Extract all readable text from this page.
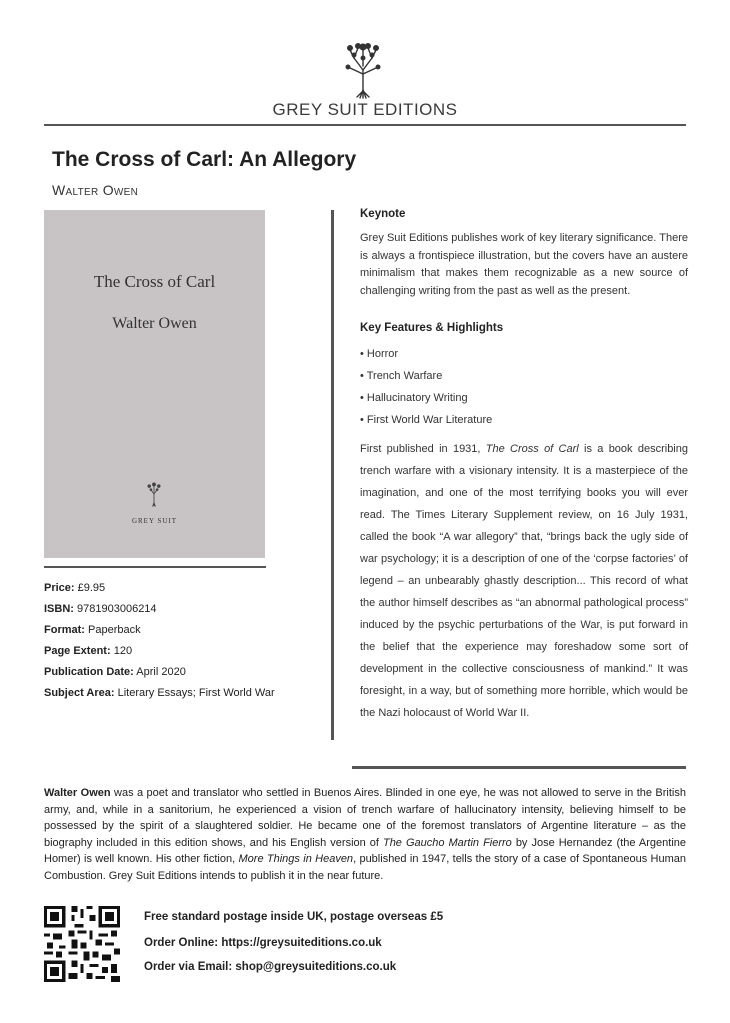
GREY SUIT EDITIONS
The Cross of Carl: An Allegory
Walter Owen
The Cross of Carl
Walter Owen
GREY SUIT
Price: £9.95
ISBN: 9781903006214
Format: Paperback
Page Extent: 120
Publication Date: April 2020
Subject Area: Literary Essays; First World War
Keynote
Grey Suit Editions publishes work of key literary significance. There is always a frontispiece illustration, but the covers have an austere minimalism that makes them recognizable as a new source of challenging writing from the past as well as the present.
Key Features & Highlights
• Horror
• Trench Warfare
• Hallucinatory Writing
• First World War Literature
First published in 1931, The Cross of Carl is a book describing trench warfare with a visionary intensity. It is a masterpiece of the imagination, and one of the most terrifying books you will ever read. The Times Literary Supplement review, on 16 July 1931, called the book “A war allegory” that, “brings back the ugly side of war psychology; it is a description of one of the ‘corpse factories’ of legend – an unbearably ghastly description... This record of what the author himself describes as “an abnormal pathological process” induced by the psychic perturbations of the War, is put forward in the belief that the experience may foreshadow some sort of development in the collective consciousness of mankind.” It was foresight, in a way, but of something more horrible, which would be the Nazi holocaust of World War II.
Walter Owen was a poet and translator who settled in Buenos Aires. Blinded in one eye, he was not allowed to serve in the British army, and, while in a sanitorium, he experienced a vision of trench warfare of hallucinatory intensity, believing himself to be possessed by the spirit of a slaughtered soldier. He became one of the foremost translators of Argentine literature – as the biography included in this edition shows, and his English version of The Gaucho Martin Fierro by Jose Hernandez (the Argentine Homer) is well known. His other fiction, More Things in Heaven, published in 1947, tells the story of a case of Spontaneous Human Combustion. Grey Suit Editions intends to publish it in the near future.
Free standard postage inside UK, postage overseas £5
Order Online: https://greysuiteditions.co.uk
Order via Email: shop@greysuiteditions.co.uk
